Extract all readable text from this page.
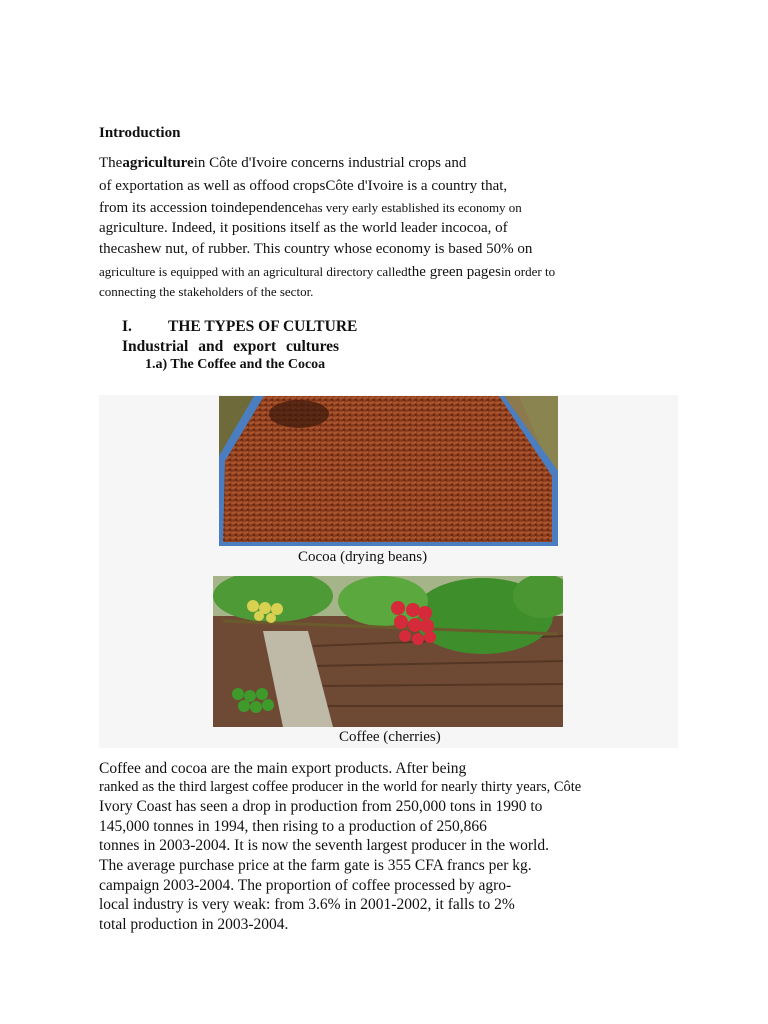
Introduction
Theagriculturein Côte d'Ivoire concerns industrial crops and
of exportation as well as offood cropsCôte d'Ivoire is a country that,
from its accession toindependencehas very early established its economy on
agriculture. Indeed, it positions itself as the world leader incocoa, of
thecashew nut, of rubber. This country whose economy is based 50% on
agriculture is equipped with an agricultural directory calledthe green pagesin order to
connecting the stakeholders of the sector.
I. THE TYPES OF CULTURE
Industrial and export cultures
1.a) The Coffee and the Cocoa
Cocoa (drying beans)
Coffee (cherries)
Coffee and cocoa are the main export products. After being
ranked as the third largest coffee producer in the world for nearly thirty years, Côte
Ivory Coast has seen a drop in production from 250,000 tons in 1990 to
145,000 tonnes in 1994, then rising to a production of 250,866
tonnes in 2003-2004. It is now the seventh largest producer in the world.
The average purchase price at the farm gate is 355 CFA francs per kg.
campaign 2003-2004. The proportion of coffee processed by agro-
local industry is very weak: from 3.6% in 2001-2002, it falls to 2%
total production in 2003-2004.
